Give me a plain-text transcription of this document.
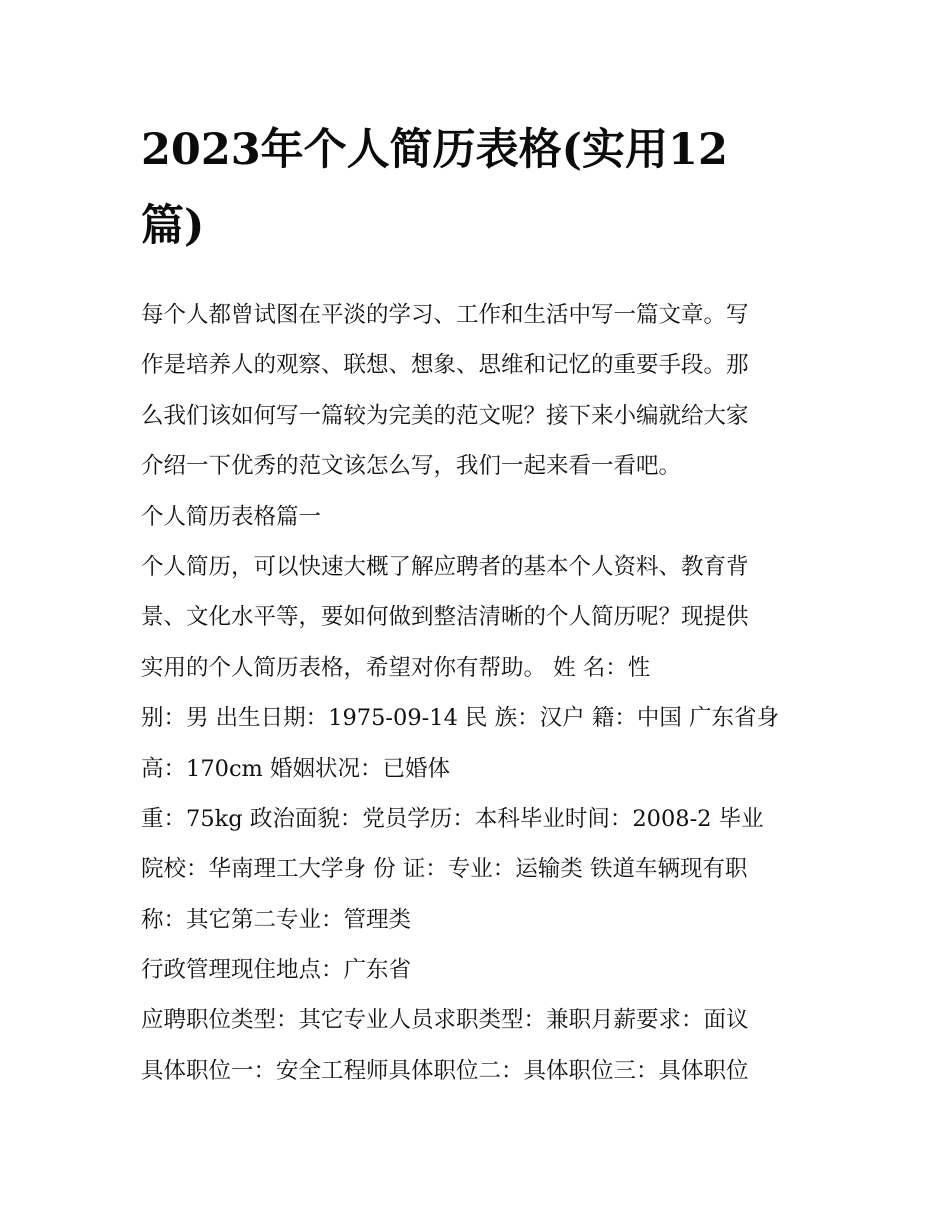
2023年个人简历表格(实用12
篇)
每个人都曾试图在平淡的学习、工作和生活中写一篇文章。写
作是培养人的观察、联想、想象、思维和记忆的重要手段。那
么我们该如何写一篇较为完美的范文呢？接下来小编就给大家
介绍一下优秀的范文该怎么写，我们一起来看一看吧。
个人简历表格篇一
个人简历，可以快速大概了解应聘者的基本个人资料、教育背
景、文化水平等，要如何做到整洁清晰的个人简历呢？现提供
实用的个人简历表格，希望对你有帮助。 姓 名：性
别：男 出生日期：1975-09-14 民 族：汉户 籍：中国 广东省身
高：170cm 婚姻状况：已婚体
重：75kg 政治面貌：党员学历：本科毕业时间：2008-2 毕业
院校：华南理工大学身 份 证：专业：运输类 铁道车辆现有职
称：其它第二专业：管理类
行政管理现住地点：广东省
应聘职位类型：其它专业人员求职类型：兼职月薪要求：面议
具体职位一：安全工程师具体职位二：具体职位三：具体职位
